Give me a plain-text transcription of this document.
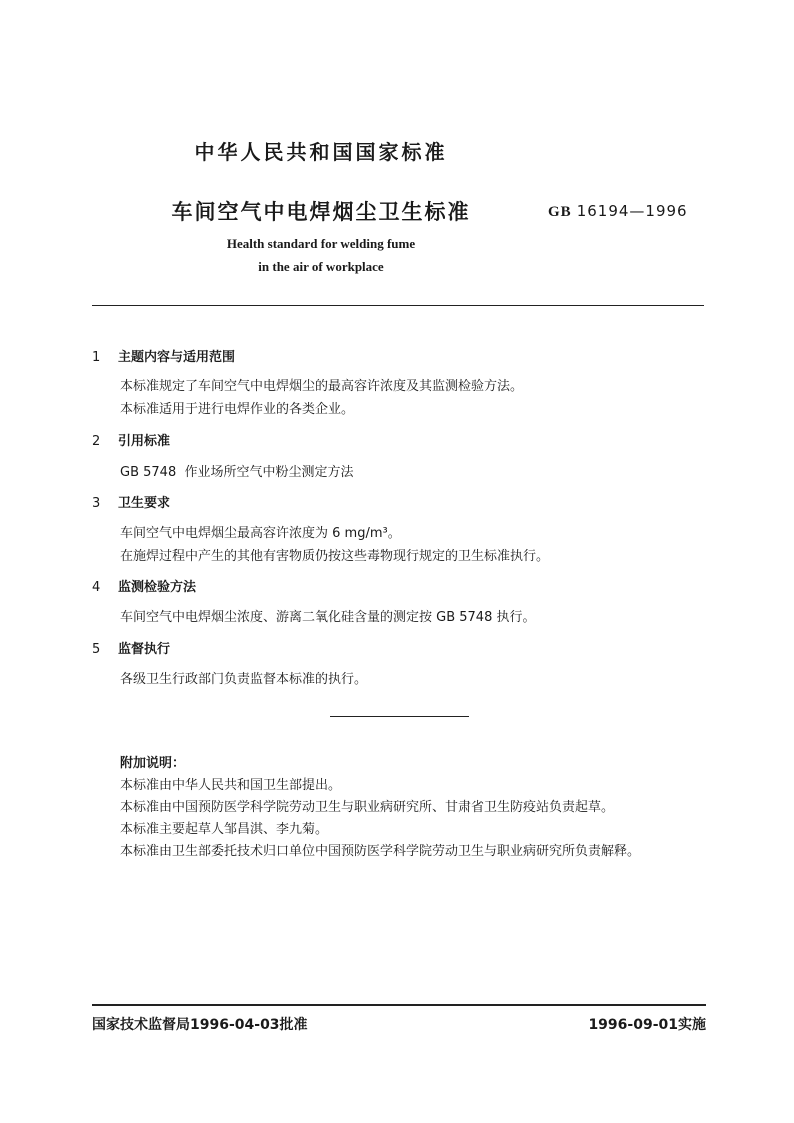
中华人民共和国国家标准
车间空气中电焊烟尘卫生标准	GB 16194—1996
Health standard for welding fume
in the air of workplace
1 主题内容与适用范围
本标准规定了车间空气中电焊烟尘的最高容许浓度及其监测检验方法。
本标准适用于进行电焊作业的各类企业。
2 引用标准
GB 5748  作业场所空气中粉尘测定方法
3 卫生要求
车间空气中电焊烟尘最高容许浓度为 6 mg/m³。
在施焊过程中产生的其他有害物质仍按这些毒物现行规定的卫生标准执行。
4 监测检验方法
车间空气中电焊烟尘浓度、游离二氧化硅含量的测定按 GB 5748 执行。
5 监督执行
各级卫生行政部门负责监督本标准的执行。
附加说明：
本标准由中华人民共和国卫生部提出。
本标准由中国预防医学科学院劳动卫生与职业病研究所、甘肃省卫生防疫站负责起草。
本标准主要起草人邹昌淇、李九菊。
本标准由卫生部委托技术归口单位中国预防医学科学院劳动卫生与职业病研究所负责解释。
国家技术监督局1996-04-03批准	1996-09-01实施
